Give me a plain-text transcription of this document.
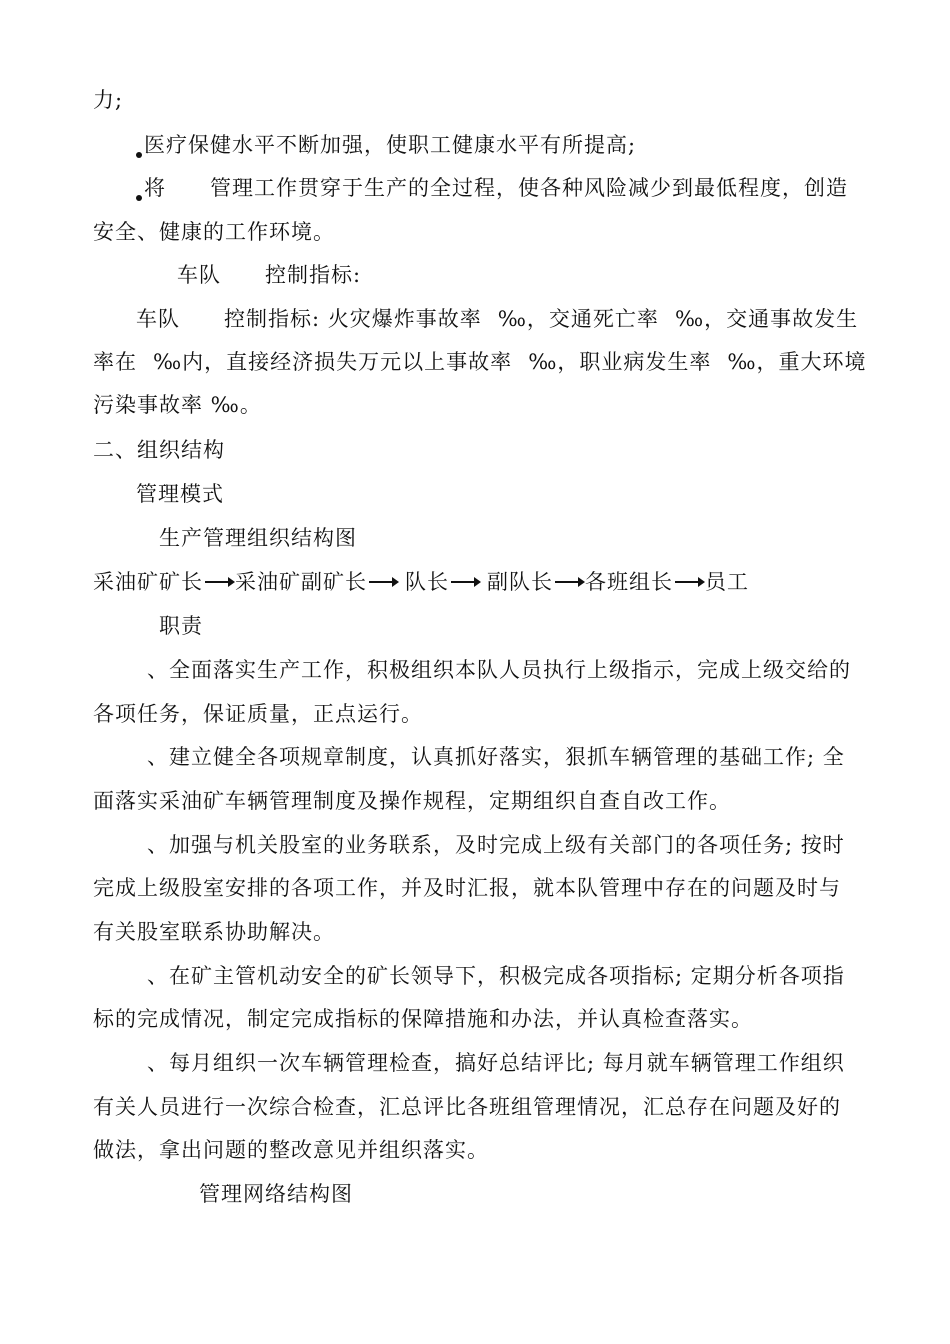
力;
医疗保健水平不断加强，使职工健康水平有所提高;
将 管理工作贯穿于生产的全过程，使各种风险减少到最低程度，创造
安全、健康的工作环境。
车队 控制指标:
车队 控制指标: 火灾爆炸事故率 ‰，交通死亡率 ‰，交通事故发生
率在 ‰内，直接经济损失万元以上事故率 ‰，职业病发生率 ‰，重大环境
污染事故率 ‰。
二、组织结构
管理模式
生产管理组织结构图
采油矿矿长 采油矿副矿长 队长 副队长 各班组长 员工
职责
、全面落实生产工作，积极组织本队人员执行上级指示，完成上级交给的
各项任务，保证质量，正点运行。
、建立健全各项规章制度，认真抓好落实，狠抓车辆管理的基础工作; 全
面落实采油矿车辆管理制度及操作规程，定期组织自查自改工作。
、加强与机关股室的业务联系，及时完成上级有关部门的各项任务; 按时
完成上级股室安排的各项工作，并及时汇报，就本队管理中存在的问题及时与
有关股室联系协助解决。
、在矿主管机动安全的矿长领导下，积极完成各项指标; 定期分析各项指
标的完成情况，制定完成指标的保障措施和办法，并认真检查落实。
、每月组织一次车辆管理检查，搞好总结评比; 每月就车辆管理工作组织
有关人员进行一次综合检查，汇总评比各班组管理情况，汇总存在问题及好的
做法，拿出问题的整改意见并组织落实。
管理网络结构图
